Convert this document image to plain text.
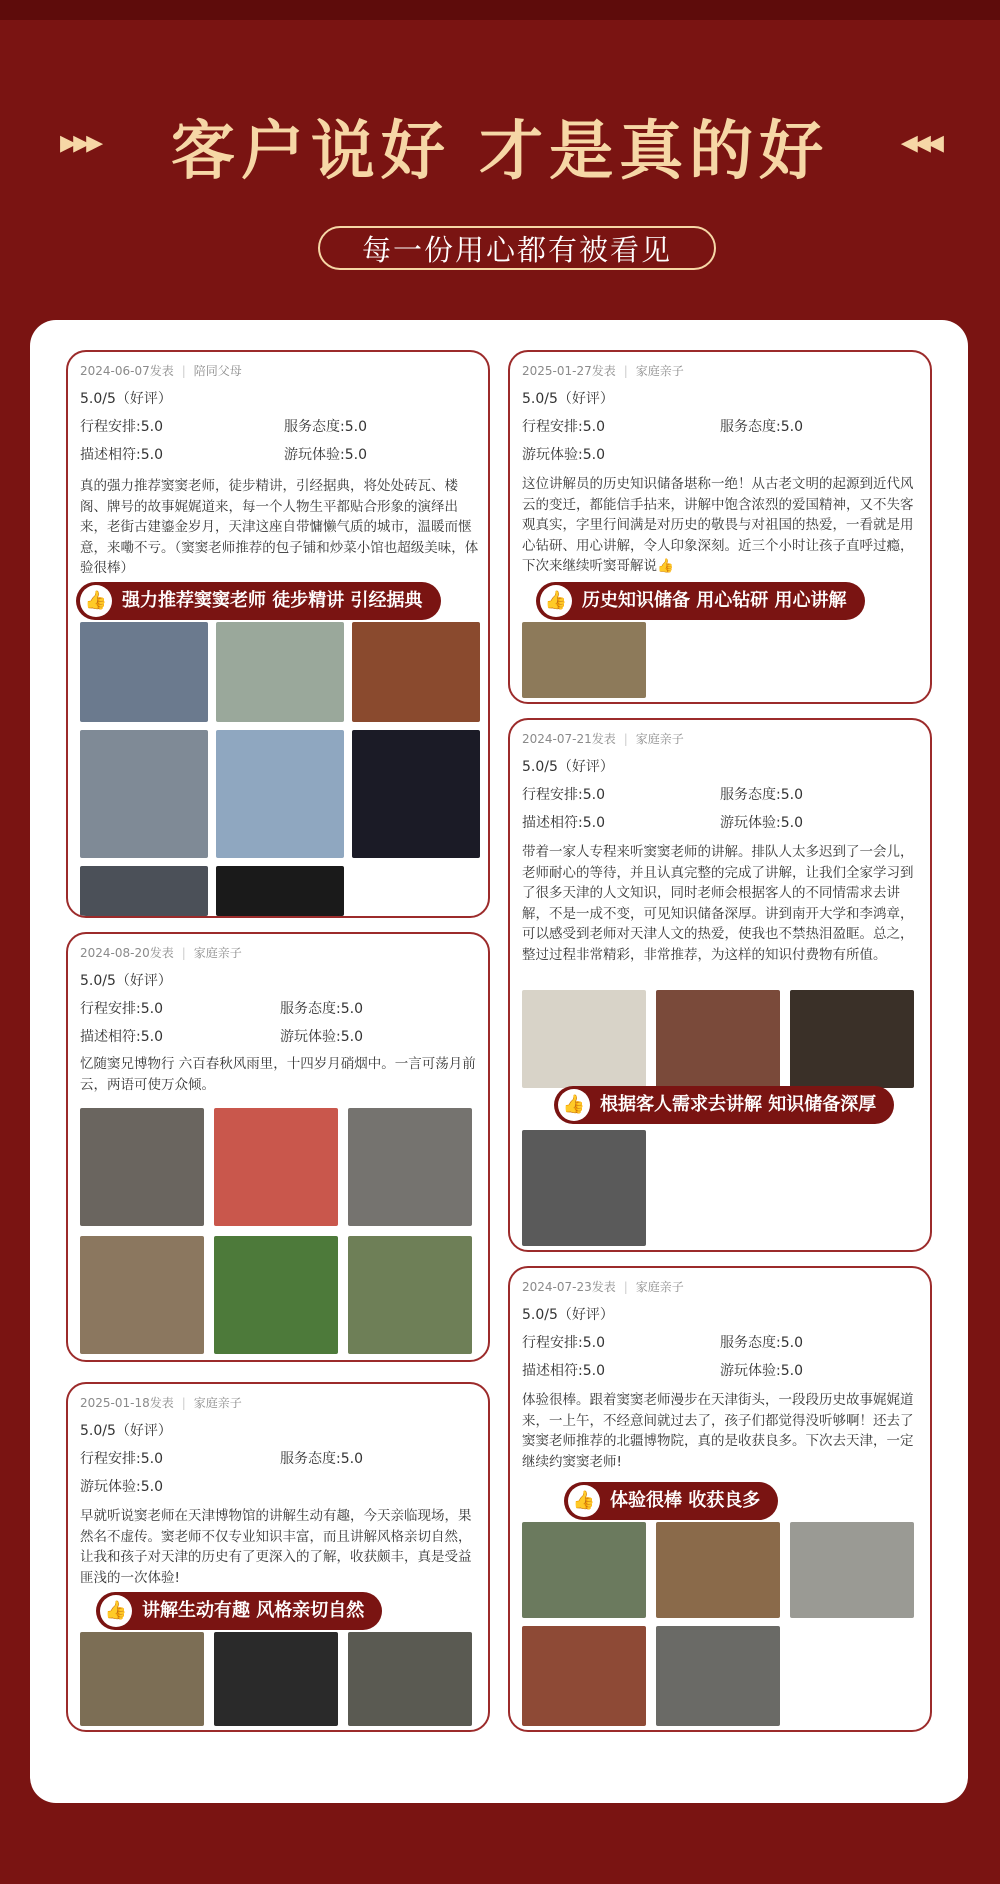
▸▸▸	客户说好 才是真的好	◂◂◂
每一份用心都有被看见
2024-06-07发表 | 陪同父母
5.0/5（好评）
行程安排:5.0	服务态度:5.0
描述相符:5.0	游玩体验:5.0
真的强力推荐窦窦老师，徒步精讲，引经据典，将处处砖瓦、楼阁、牌号的故事娓娓道来，每一个人物生平都贴合形象的演绎出来，老街古建鎏金岁月，天津这座自带慵懒气质的城市，温暖而惬意，来嘞不亏。（窦窦老师推荐的包子铺和炒菜小馆也超级美味，体验很棒）
👍 强力推荐窦窦老师 徒步精讲 引经据典
2024-08-20发表 | 家庭亲子
5.0/5（好评）
行程安排:5.0	服务态度:5.0
描述相符:5.0	游玩体验:5.0
忆随窦兄博物行 六百春秋风雨里，十四岁月硝烟中。一言可荡月前云，两语可使万众倾。
2025-01-18发表 | 家庭亲子
5.0/5（好评）
行程安排:5.0	服务态度:5.0
游玩体验:5.0
早就听说窦老师在天津博物馆的讲解生动有趣，今天亲临现场，果然名不虚传。窦老师不仅专业知识丰富，而且讲解风格亲切自然，让我和孩子对天津的历史有了更深入的了解，收获颇丰，真是受益匪浅的一次体验!
👍 讲解生动有趣 风格亲切自然
2025-01-27发表 | 家庭亲子
5.0/5（好评）
行程安排:5.0	服务态度:5.0
游玩体验:5.0
这位讲解员的历史知识储备堪称一绝！从古老文明的起源到近代风云的变迁，都能信手拈来，讲解中饱含浓烈的爱国精神，又不失客观真实，字里行间满是对历史的敬畏与对祖国的热爱，一看就是用心钻研、用心讲解，令人印象深刻。近三个小时让孩子直呼过瘾，下次来继续听窦哥解说👍
👍 历史知识储备 用心钻研 用心讲解
2024-07-21发表 | 家庭亲子
5.0/5（好评）
行程安排:5.0	服务态度:5.0
描述相符:5.0	游玩体验:5.0
带着一家人专程来听窦窦老师的讲解。排队人太多迟到了一会儿，老师耐心的等待，并且认真完整的完成了讲解，让我们全家学习到了很多天津的人文知识，同时老师会根据客人的不同情需求去讲解，不是一成不变，可见知识储备深厚。讲到南开大学和李鸿章，可以感受到老师对天津人文的热爱，使我也不禁热泪盈眶。总之，整过过程非常精彩，非常推荐，为这样的知识付费物有所值。
👍 根据客人需求去讲解 知识储备深厚
2024-07-23发表 | 家庭亲子
5.0/5（好评）
行程安排:5.0	服务态度:5.0
描述相符:5.0	游玩体验:5.0
体验很棒。跟着窦窦老师漫步在天津街头，一段段历史故事娓娓道来，一上午，不经意间就过去了，孩子们都觉得没听够啊！还去了窦窦老师推荐的北疆博物院，真的是收获良多。下次去天津，一定继续约窦窦老师!
👍 体验很棒 收获良多
